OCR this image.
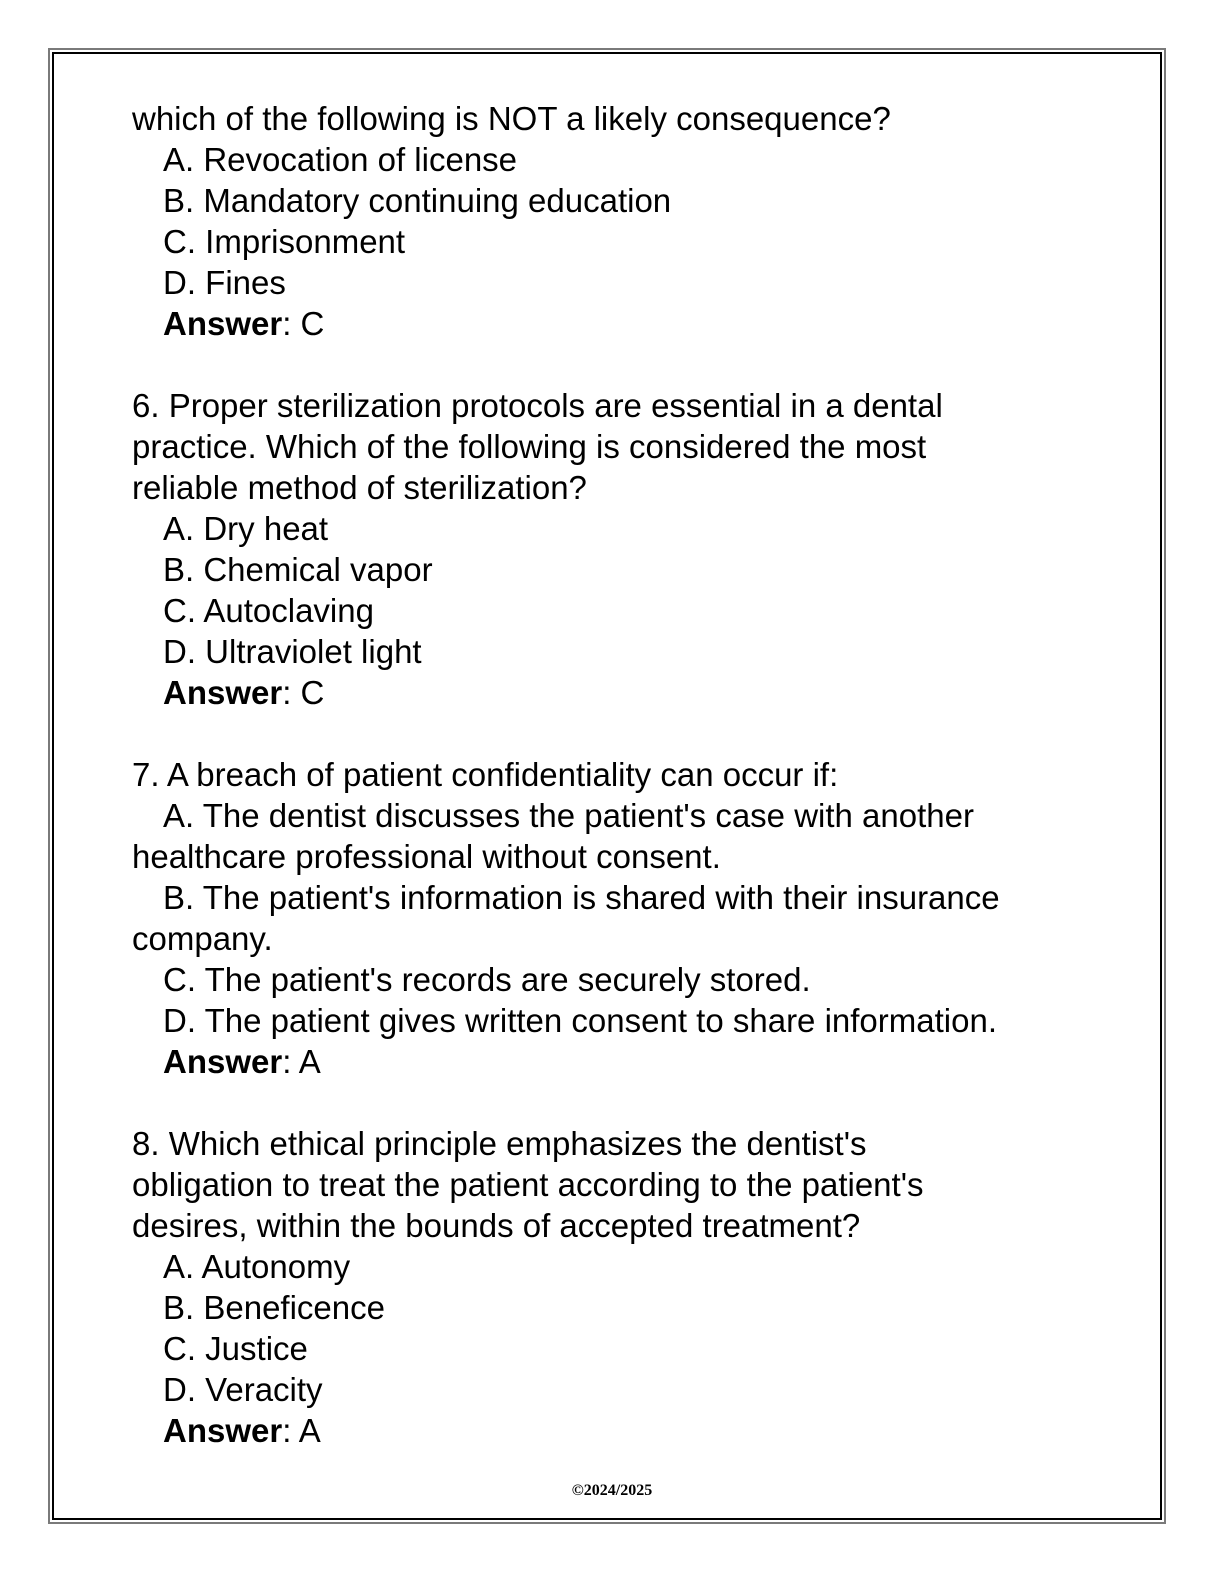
which of the following is NOT a likely consequence?
A. Revocation of license
B. Mandatory continuing education
C. Imprisonment
D. Fines
Answer: C
6. Proper sterilization protocols are essential in a dental
practice. Which of the following is considered the most
reliable method of sterilization?
A. Dry heat
B. Chemical vapor
C. Autoclaving
D. Ultraviolet light
Answer: C
7. A breach of patient confidentiality can occur if:
A. The dentist discusses the patient's case with another
healthcare professional without consent.
B. The patient's information is shared with their insurance
company.
C. The patient's records are securely stored.
D. The patient gives written consent to share information.
Answer: A
8. Which ethical principle emphasizes the dentist's
obligation to treat the patient according to the patient's
desires, within the bounds of accepted treatment?
A. Autonomy
B. Beneficence
C. Justice
D. Veracity
Answer: A
©2024/2025
